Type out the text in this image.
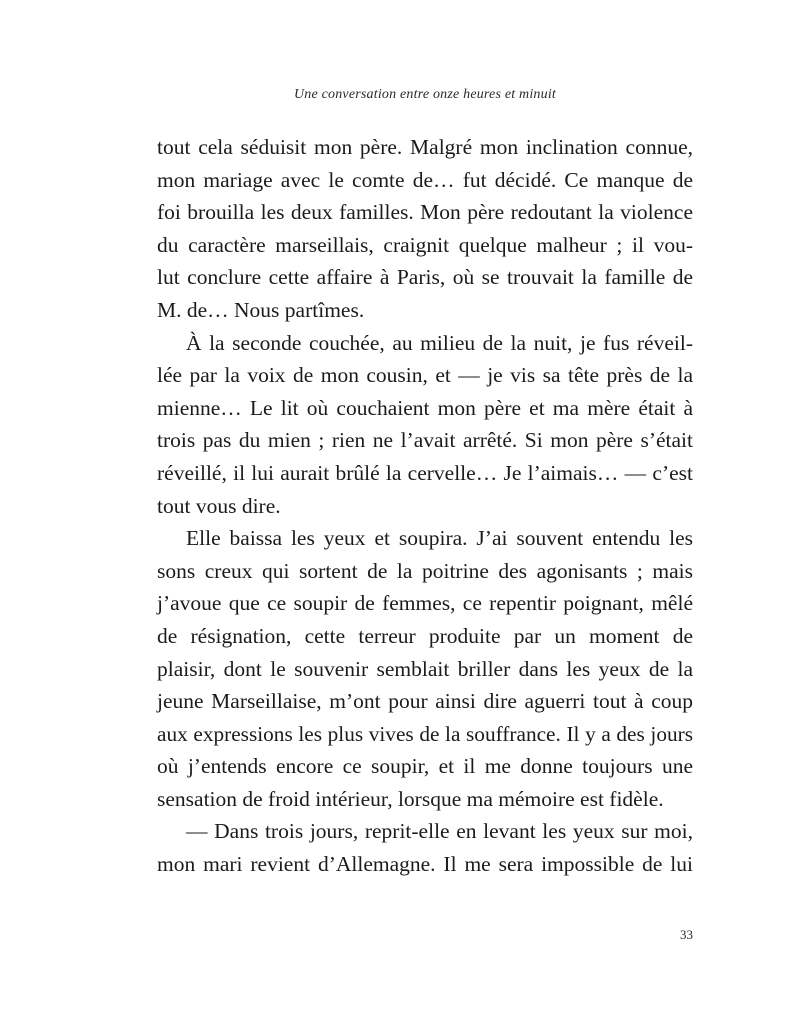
Une conversation entre onze heures et minuit
tout cela séduisit mon père. Malgré mon inclination connue,
mon mariage avec le comte de… fut décidé. Ce manque de
foi brouilla les deux familles. Mon père redoutant la violence
du caractère marseillais, craignit quelque malheur ; il vou-
lut conclure cette affaire à Paris, où se trouvait la famille de
M. de… Nous partîmes.
À la seconde couchée, au milieu de la nuit, je fus réveil-
lée par la voix de mon cousin, et — je vis sa tête près de la
mienne… Le lit où couchaient mon père et ma mère était à
trois pas du mien ; rien ne l’avait arrêté. Si mon père s’était
réveillé, il lui aurait brûlé la cervelle… Je l’aimais… — c’est
tout vous dire.
Elle baissa les yeux et soupira. J’ai souvent entendu les
sons creux qui sortent de la poitrine des agonisants ; mais
j’avoue que ce soupir de femmes, ce repentir poignant, mêlé
de résignation, cette terreur produite par un moment de
plaisir, dont le souvenir semblait briller dans les yeux de la
jeune Marseillaise, m’ont pour ainsi dire aguerri tout à coup
aux expressions les plus vives de la souffrance. Il y a des jours
où j’entends encore ce soupir, et il me donne toujours une
sensation de froid intérieur, lorsque ma mémoire est fidèle.
— Dans trois jours, reprit-elle en levant les yeux sur moi,
mon mari revient d’Allemagne. Il me sera impossible de lui
33
